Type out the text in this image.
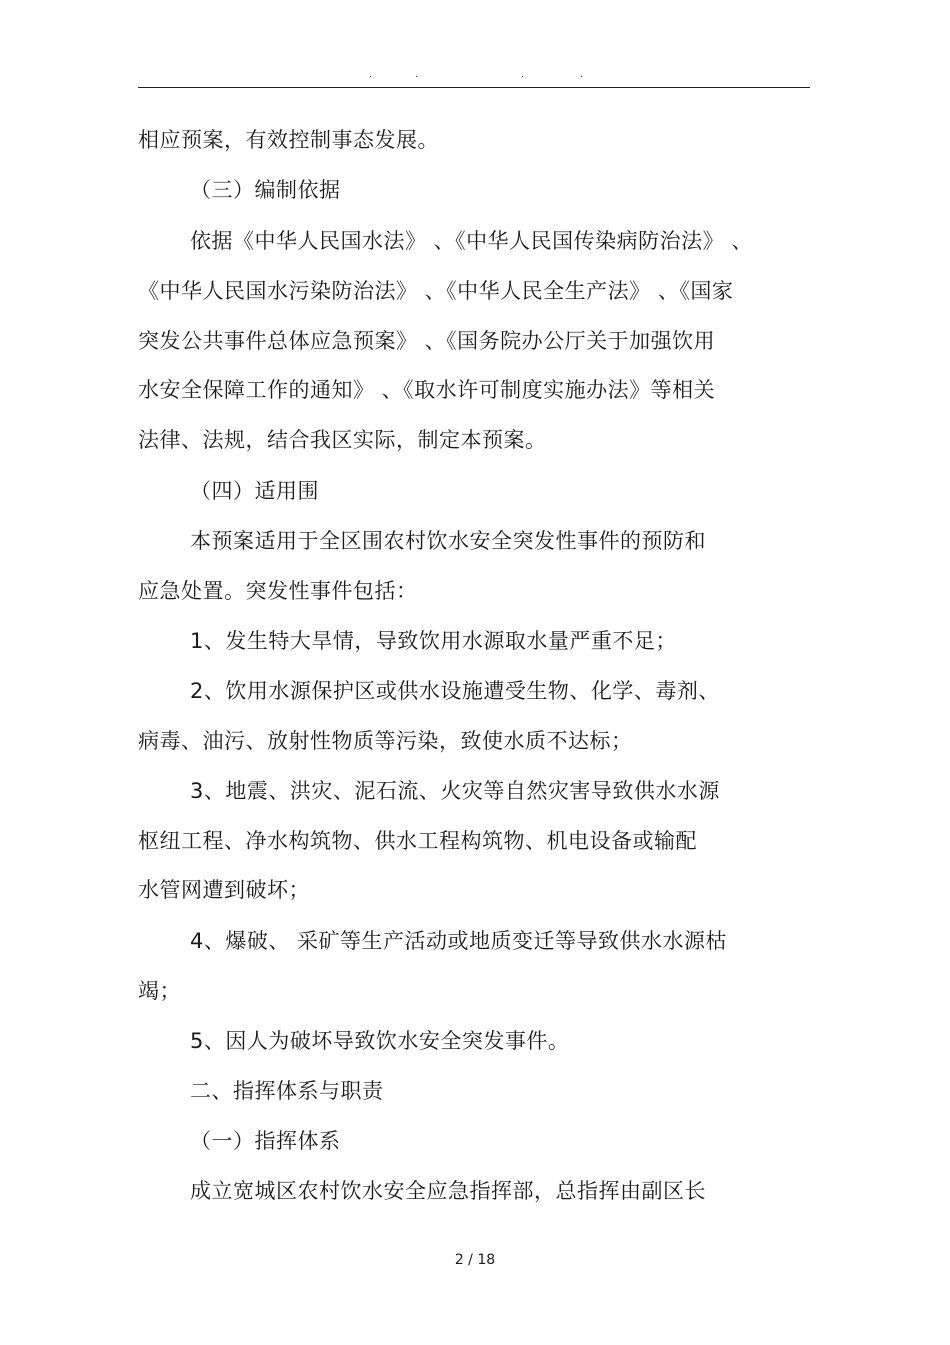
.	.	.	.
相应预案，有效控制事态发展。
（三）编制依据
依据《中华人民国水法》 、《中华人民国传染病防治法》 、
《中华人民国水污染防治法》 、《中华人民全生产法》 、《国家
突发公共事件总体应急预案》 、《国务院办公厅关于加强饮用
水安全保障工作的通知》 、《取水许可制度实施办法》等相关
法律、法规，结合我区实际，制定本预案。
（四）适用围
本预案适用于全区围农村饮水安全突发性事件的预防和
应急处置。突发性事件包括：
1、发生特大旱情，导致饮用水源取水量严重不足；
2、饮用水源保护区或供水设施遭受生物、化学、毒剂、
病毒、油污、放射性物质等污染，致使水质不达标；
3、地震、洪灾、泥石流、火灾等自然灾害导致供水水源
枢纽工程、净水构筑物、供水工程构筑物、机电设备或输配
水管网遭到破坏；
4、爆破、 采矿等生产活动或地质变迁等导致供水水源枯
竭；
5、因人为破坏导致饮水安全突发事件。
二、指挥体系与职责
（一）指挥体系
成立宽城区农村饮水安全应急指挥部，总指挥由副区长
2 / 18
